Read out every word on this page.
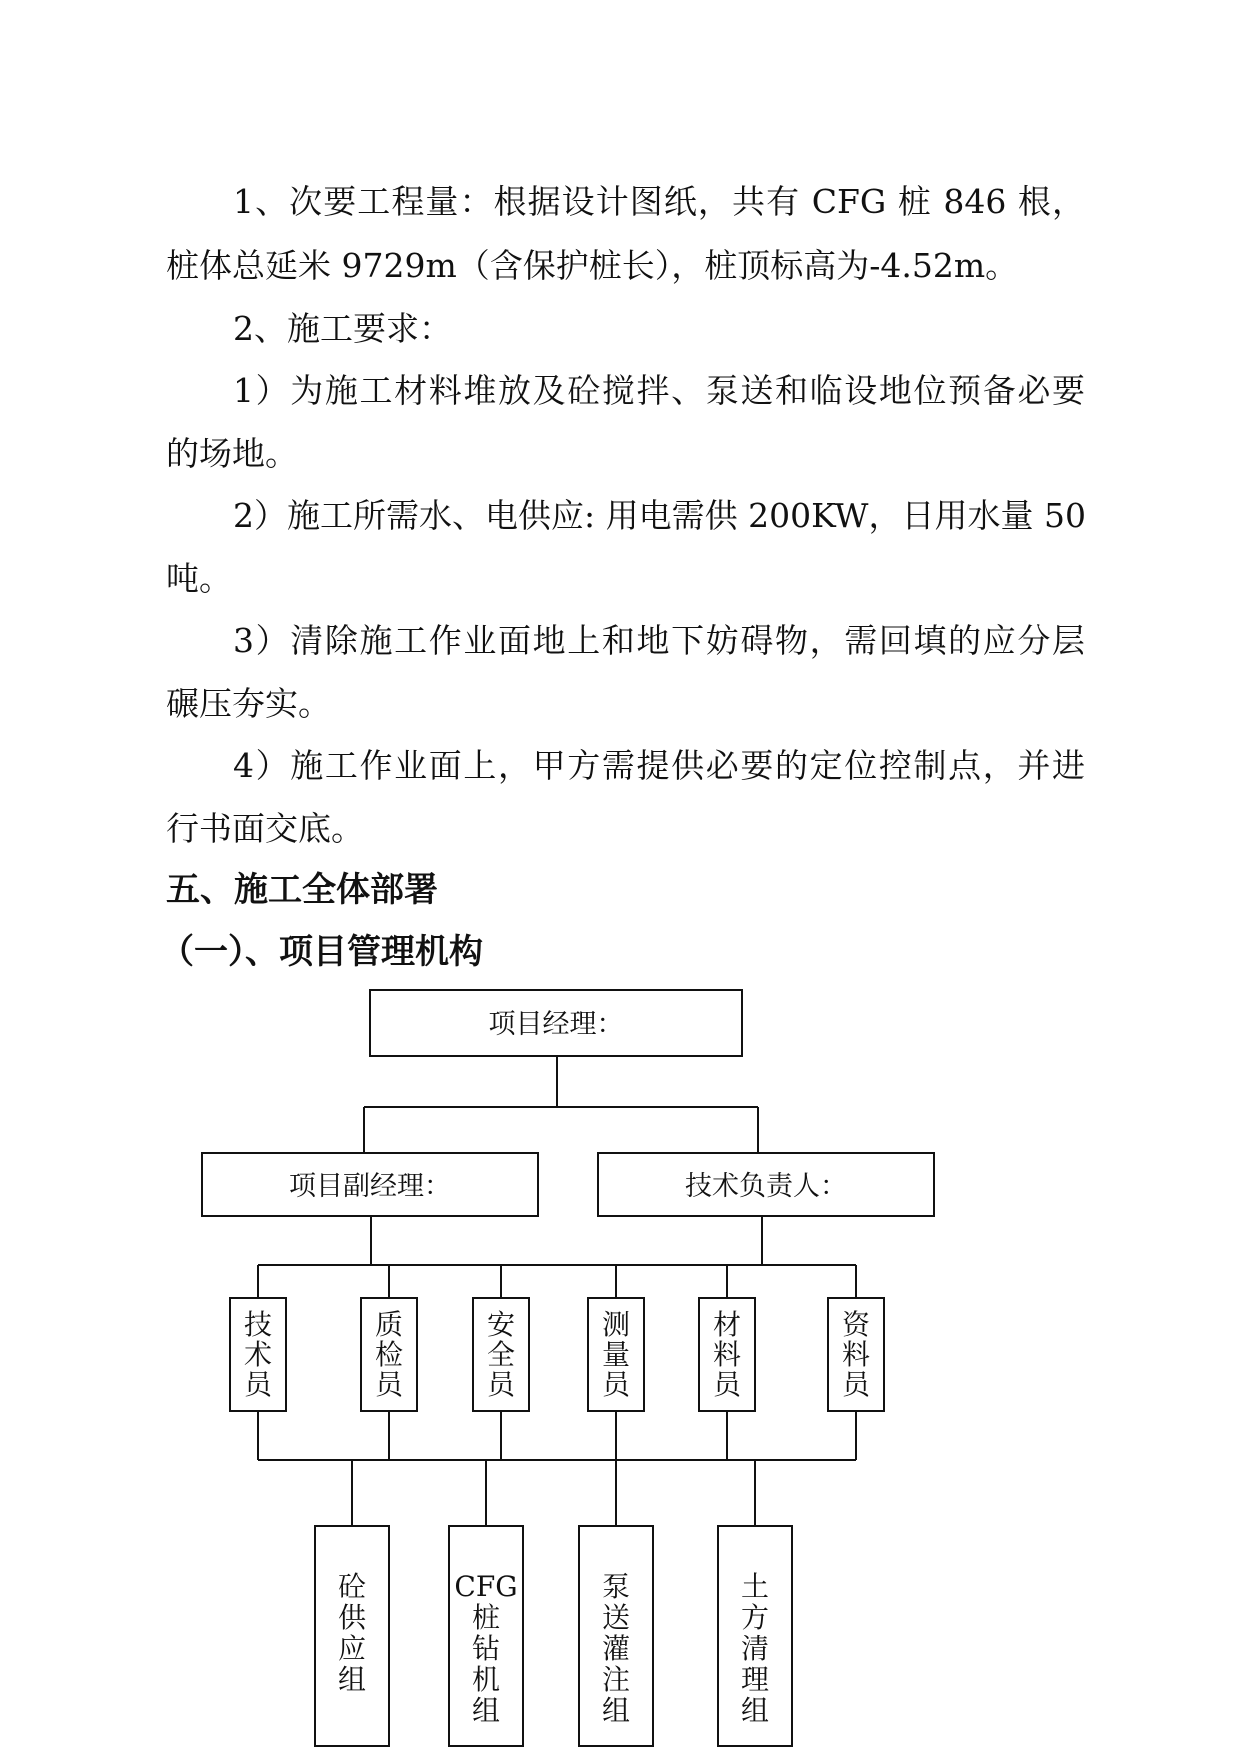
1、次要工程量：根据设计图纸，共有 CFG 桩 846 根，
桩体总延米 9729m（含保护桩长），桩顶标高为-4.52m。
2、施工要求：
1）为施工材料堆放及砼搅拌、泵送和临设地位预备必要
的场地。
2）施工所需水、电供应: 用电需供 200KW，日用水量 50
吨。
3）清除施工作业面地上和地下妨碍物，需回填的应分层
碾压夯实。
4）施工作业面上，甲方需提供必要的定位控制点，并进
行书面交底。
五、施工全体部署
（一）、项目管理机构
项目经理：
项目副经理：	技术负责人：
技术员
质检员
安全员
测量员
材料员
资料员
砼供应组
CFG 桩钻机组
泵送灌注组
土方清理组
